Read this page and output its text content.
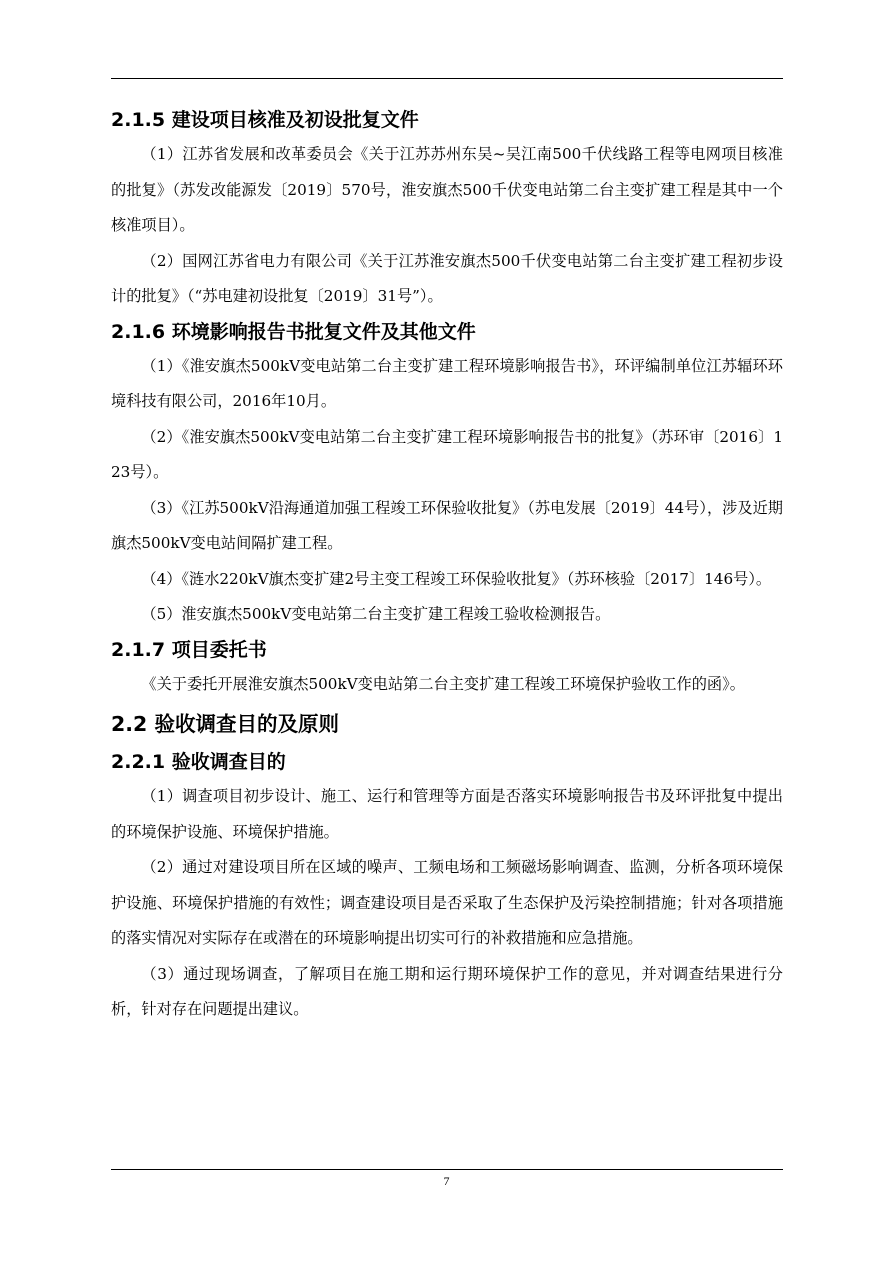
2.1.5 建设项目核准及初设批复文件

（1）江苏省发展和改革委员会《关于江苏苏州东吴~吴江南500千伏线路工程等电网项目核准的批复》（苏发改能源发〔2019〕570号，淮安旗杰500千伏变电站第二台主变扩建工程是其中一个核准项目）。

（2）国网江苏省电力有限公司《关于江苏淮安旗杰500千伏变电站第二台主变扩建工程初步设计的批复》（“苏电建初设批复〔2019〕31号”）。

2.1.6 环境影响报告书批复文件及其他文件

（1）《淮安旗杰500kV变电站第二台主变扩建工程环境影响报告书》，环评编制单位江苏辐环环境科技有限公司，2016年10月。

（2）《淮安旗杰500kV变电站第二台主变扩建工程环境影响报告书的批复》（苏环审〔2016〕123号）。

（3）《江苏500kV沿海通道加强工程竣工环保验收批复》（苏电发展〔2019〕44号），涉及近期旗杰500kV变电站间隔扩建工程。

（4）《涟水220kV旗杰变扩建2号主变工程竣工环保验收批复》（苏环核验〔2017〕146号）。

（5）淮安旗杰500kV变电站第二台主变扩建工程竣工验收检测报告。

2.1.7 项目委托书

《关于委托开展淮安旗杰500kV变电站第二台主变扩建工程竣工环境保护验收工作的函》。

2.2 验收调查目的及原则
2.2.1 验收调查目的

（1）调查项目初步设计、施工、运行和管理等方面是否落实环境影响报告书及环评批复中提出的环境保护设施、环境保护措施。

（2）通过对建设项目所在区域的噪声、工频电场和工频磁场影响调查、监测，分析各项环境保护设施、环境保护措施的有效性；调查建设项目是否采取了生态保护及污染控制措施；针对各项措施的落实情况对实际存在或潜在的环境影响提出切实可行的补救措施和应急措施。

（3）通过现场调查，了解项目在施工期和运行期环境保护工作的意见，并对调查结果进行分析，针对存在问题提出建议。

7
